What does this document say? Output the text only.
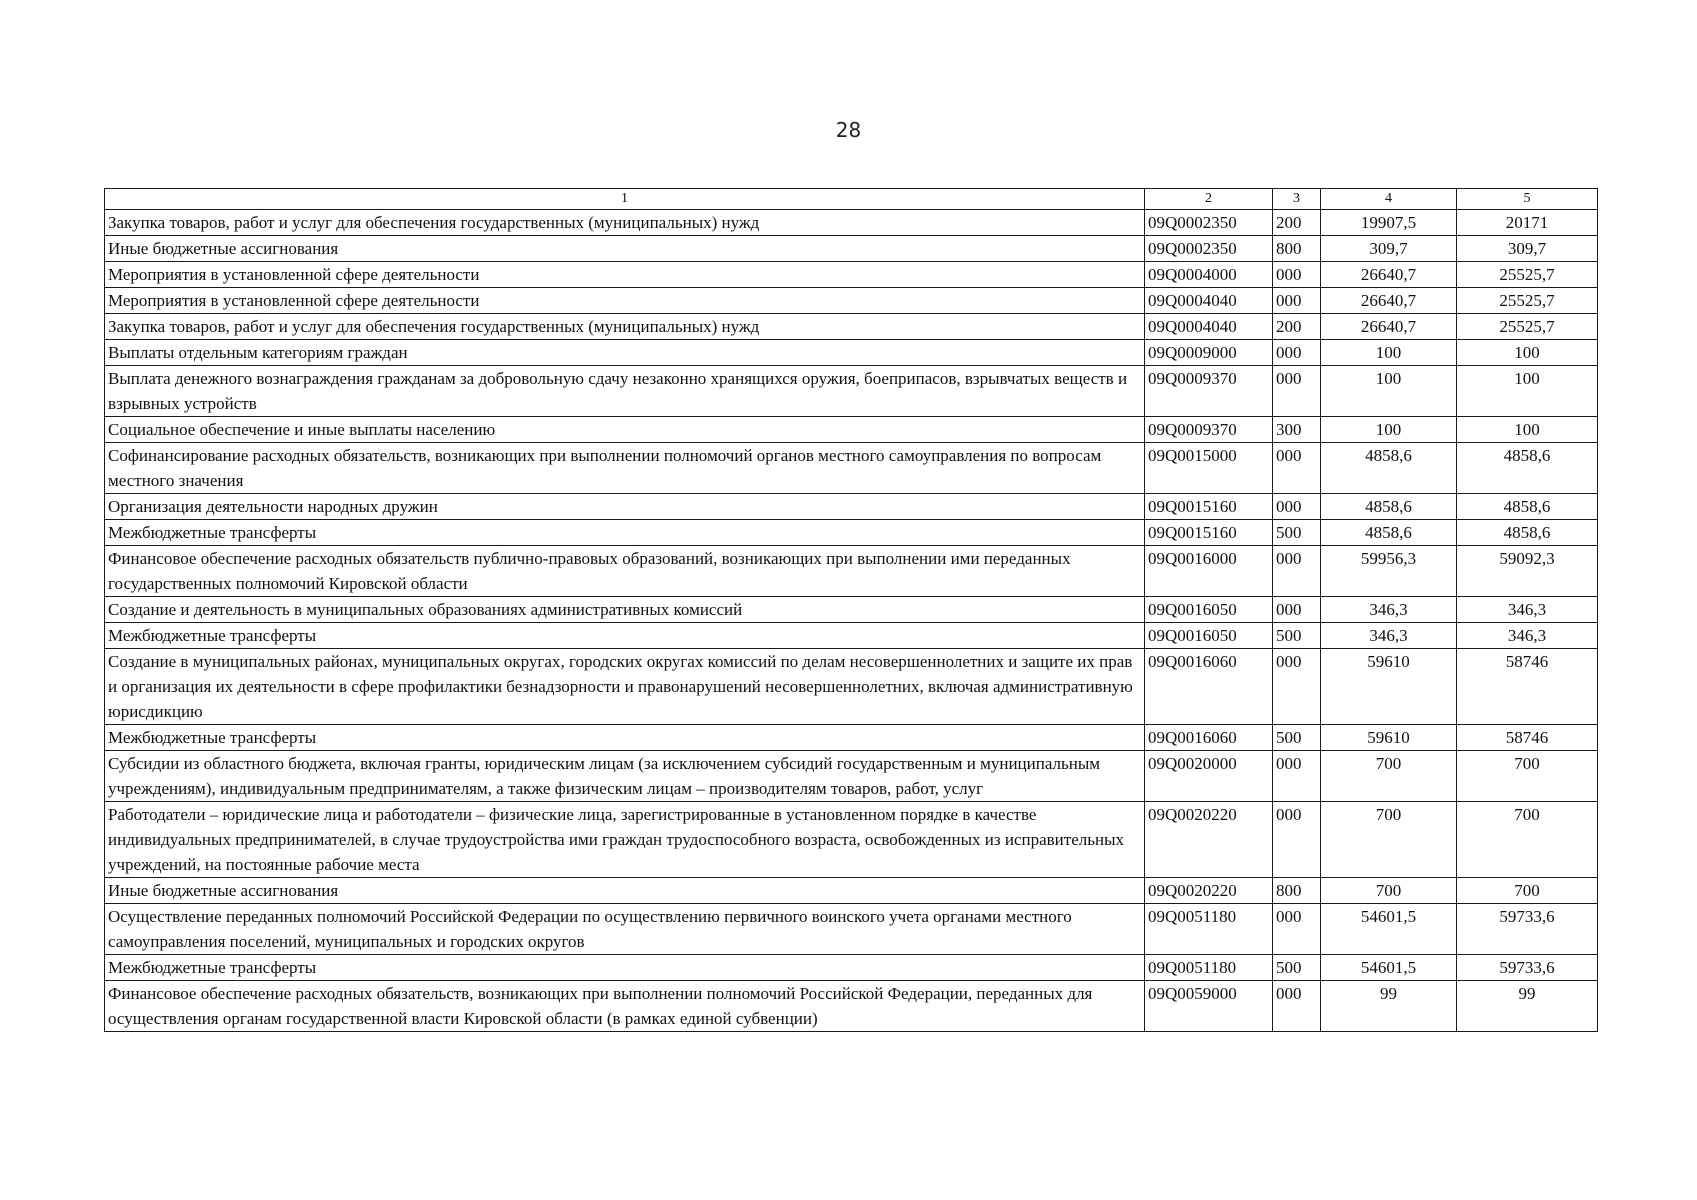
28
1	2	3	4	5
Закупка товаров, работ и услуг для обеспечения государственных (муниципальных) нужд	09Q0002350	200	19907,5	20171
Иные бюджетные ассигнования	09Q0002350	800	309,7	309,7
Мероприятия в установленной сфере деятельности	09Q0004000	000	26640,7	25525,7
Мероприятия в установленной сфере деятельности	09Q0004040	000	26640,7	25525,7
Закупка товаров, работ и услуг для обеспечения государственных (муниципальных) нужд	09Q0004040	200	26640,7	25525,7
Выплаты отдельным категориям граждан	09Q0009000	000	100	100
Выплата денежного вознаграждения гражданам за добровольную сдачу незаконно хранящихся оружия, боеприпасов, взрывчатых веществ и взрывных устройств	09Q0009370	000	100	100
Социальное обеспечение и иные выплаты населению	09Q0009370	300	100	100
Софинансирование расходных обязательств, возникающих при выполнении полномочий органов местного самоуправления по вопросам местного значения	09Q0015000	000	4858,6	4858,6
Организация деятельности народных дружин	09Q0015160	000	4858,6	4858,6
Межбюджетные трансферты	09Q0015160	500	4858,6	4858,6
Финансовое обеспечение расходных обязательств публично-правовых образований, возникающих при выполнении ими переданных государственных полномочий Кировской области	09Q0016000	000	59956,3	59092,3
Создание и деятельность в муниципальных образованиях административных комиссий	09Q0016050	000	346,3	346,3
Межбюджетные трансферты	09Q0016050	500	346,3	346,3
Создание в муниципальных районах, муниципальных округах, городских округах комиссий по делам несовершеннолетних и защите их прав и организация их деятельности в сфере профилактики безнадзорности и правонарушений несовершеннолетних, включая административную юрисдикцию	09Q0016060	000	59610	58746
Межбюджетные трансферты	09Q0016060	500	59610	58746
Субсидии из областного бюджета, включая гранты, юридическим лицам (за исключением субсидий государственным и муниципальным учреждениям), индивидуальным предпринимателям, а также физическим лицам – производителям товаров, работ, услуг	09Q0020000	000	700	700
Работодатели – юридические лица и работодатели – физические лица, зарегистрированные в установленном порядке в качестве индивидуальных предпринимателей, в случае трудоустройства ими граждан трудоспособного возраста, освобожденных из исправительных учреждений, на постоянные рабочие места	09Q0020220	000	700	700
Иные бюджетные ассигнования	09Q0020220	800	700	700
Осуществление переданных полномочий Российской Федерации по осуществлению первичного воинского учета органами местного самоуправления поселений, муниципальных и городских округов	09Q0051180	000	54601,5	59733,6
Межбюджетные трансферты	09Q0051180	500	54601,5	59733,6
Финансовое обеспечение расходных обязательств, возникающих при выполнении полномочий Российской Федерации, переданных для осуществления органам государственной власти Кировской области (в рамках единой субвенции)	09Q0059000	000	99	99
